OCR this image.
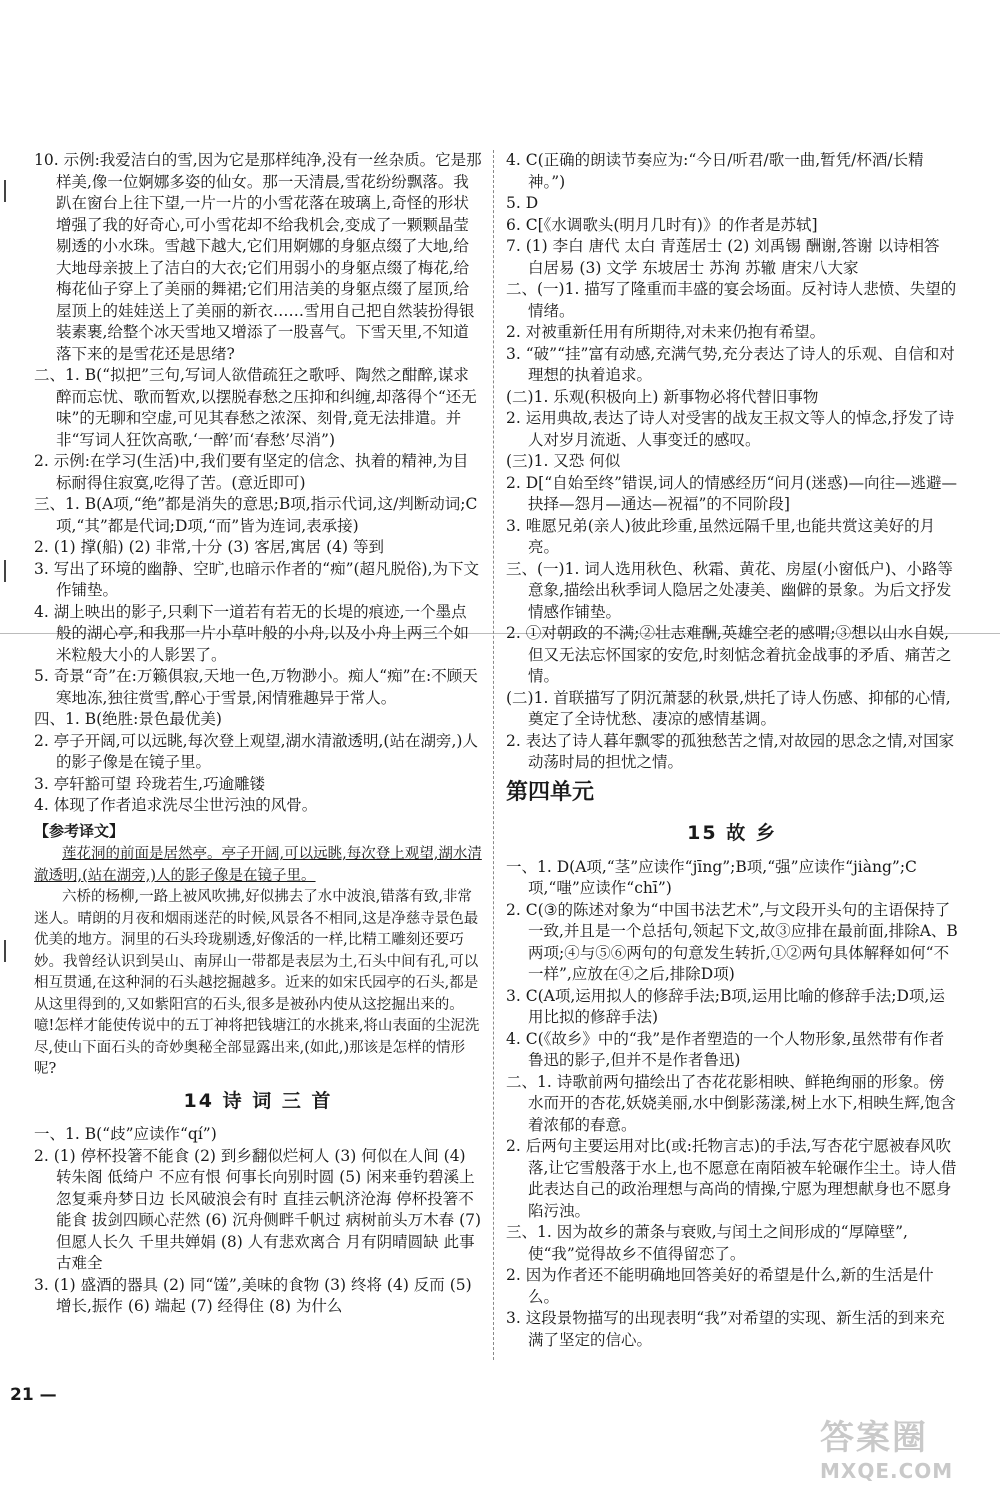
10. 示例:我爱洁白的雪,因为它是那样纯净,没有一丝杂质。它是那样美,像一位婀娜多姿的仙女。那一天清晨,雪花纷纷飘落。我趴在窗台上往下望,一片一片的小雪花落在玻璃上,奇怪的形状增强了我的好奇心,可小雪花却不给我机会,变成了一颗颗晶莹剔透的小水珠。雪越下越大,它们用婀娜的身躯点缀了大地,给大地母亲披上了洁白的大衣;它们用弱小的身躯点缀了梅花,给梅花仙子穿上了美丽的舞裙;它们用洁美的身躯点缀了屋顶,给屋顶上的娃娃送上了美丽的新衣……雪用自己把自然装扮得银装素裹,给整个冰天雪地又增添了一股喜气。下雪天里,不知道落下来的是雪花还是思绪?

二、1. B(“拟把”三句,写词人欲借疏狂之歌呼、陶然之酣醉,谋求醉而忘忧、歌而暂欢,以摆脱春愁之压抑和纠缠,却落得个“还无味”的无聊和空虚,可见其春愁之浓深、刻骨,竟无法排遣。并非“写词人狂饮高歌,‘一醉’而‘春愁’尽消”)

2. 示例:在学习(生活)中,我们要有坚定的信念、执着的精神,为目标耐得住寂寞,吃得了苦。(意近即可)

三、1. B(A项,“绝”都是消失的意思;B项,指示代词,这/判断动词;C项,“其”都是代词;D项,“而”皆为连词,表承接)

2. (1) 撑(船) (2) 非常,十分 (3) 客居,寓居 (4) 等到

3. 写出了环境的幽静、空旷,也暗示作者的“痴”(超凡脱俗),为下文作铺垫。

4. 湖上映出的影子,只剩下一道若有若无的长堤的痕迹,一个墨点般的湖心亭,和我那一片小草叶般的小舟,以及小舟上两三个如米粒般大小的人影罢了。

5. 奇景“奇”在:万籁俱寂,天地一色,万物渺小。痴人“痴”在:不顾天寒地冻,独往赏雪,醉心于雪景,闲情雅趣异于常人。

四、1. B(绝胜:景色最优美)

2. 亭子开阔,可以远眺,每次登上观望,湖水清澈透明,(站在湖旁,)人的影子像是在镜子里。

3. 亭轩豁可望 玲珑若生,巧逾雕镂

4. 体现了作者追求洗尽尘世污浊的风骨。

【参考译文】

莲花洞的前面是居然亭。亭子开阔,可以远眺,每次登上观望,湖水清澈透明,(站在湖旁,)人的影子像是在镜子里。

六桥的杨柳,一路上被风吹拂,好似拂去了水中波浪,错落有致,非常迷人。晴朗的月夜和烟雨迷茫的时候,风景各不相同,这是净慈寺景色最优美的地方。洞里的石头玲珑剔透,好像活的一样,比精工雕刻还要巧妙。我曾经认识到吴山、南屏山一带都是表层为土,石头中间有孔,可以相互贯通,在这种洞的石头越挖掘越多。近来的如宋氏园亭的石头,都是从这里得到的,又如紫阳宫的石头,很多是被孙内使从这挖掘出来的。噫!怎样才能使传说中的五丁神将把钱塘江的水挑来,将山表面的尘泥洗尽,使山下面石头的奇妙奥秘全部显露出来,(如此,)那该是怎样的情形呢?

14 诗 词 三 首

一、1. B(“歧”应读作“qí”)

2. (1) 停杯投箸不能食 (2) 到乡翻似烂柯人 (3) 何似在人间 (4) 转朱阁 低绮户 不应有恨 何事长向别时圆 (5) 闲来垂钓碧溪上 忽复乘舟梦日边 长风破浪会有时 直挂云帆济沧海 停杯投箸不能食 拔剑四顾心茫然 (6) 沉舟侧畔千帆过 病树前头万木春 (7) 但愿人长久 千里共婵娟 (8) 人有悲欢离合 月有阴晴圆缺 此事古难全

3. (1) 盛酒的器具 (2) 同“馐”,美味的食物 (3) 终将 (4) 反而 (5) 增长,振作 (6) 端起 (7) 经得住 (8) 为什么

4. C(正确的朗读节奏应为:“今日/听君/歌一曲,暂凭/杯酒/长精神。”)

5. D

6. C[《水调歌头(明月几时有)》的作者是苏轼]

7. (1) 李白 唐代 太白 青莲居士 (2) 刘禹锡 酬谢,答谢 以诗相答 白居易 (3) 文学 东坡居士 苏洵 苏辙 唐宋八大家

二、(一)1. 描写了隆重而丰盛的宴会场面。反衬诗人悲愤、失望的情绪。

2. 对被重新任用有所期待,对未来仍抱有希望。

3. “破”“挂”富有动感,充满气势,充分表达了诗人的乐观、自信和对理想的执着追求。

(二)1. 乐观(积极向上) 新事物必将代替旧事物

2. 运用典故,表达了诗人对受害的战友王叔文等人的悼念,抒发了诗人对岁月流逝、人事变迁的感叹。

(三)1. 又恐 何似

2. D[“自始至终”错误,词人的情感经历“问月(迷惑)—向往—逃避—抉择—怨月—通达—祝福”的不同阶段]

3. 唯愿兄弟(亲人)彼此珍重,虽然远隔千里,也能共赏这美好的月亮。

三、(一)1. 词人选用秋色、秋霜、黄花、房屋(小窗低户)、小路等意象,描绘出秋季词人隐居之处凄美、幽僻的景象。为后文抒发情感作铺垫。

2. ①对朝政的不满;②壮志难酬,英雄空老的感喟;③想以山水自娱,但又无法忘怀国家的安危,时刻惦念着抗金战事的矛盾、痛苦之情。

(二)1. 首联描写了阴沉萧瑟的秋景,烘托了诗人伤感、抑郁的心情,奠定了全诗忧愁、凄凉的感情基调。

2. 表达了诗人暮年飘零的孤独愁苦之情,对故园的思念之情,对国家动荡时局的担忧之情。

第四单元
15 故 乡

一、1. D(A项,“茎”应读作“jīng”;B项,“强”应读作“jiàng”;C项,“嗤”应读作“chī”)

2. C(③的陈述对象为“中国书法艺术”,与文段开头句的主语保持了一致,并且是一个总括句,领起下文,故③应排在最前面,排除A、B两项;④与⑤⑥两句的句意发生转折,①②两句具体解释如何“不一样”,应放在④之后,排除D项)

3. C(A项,运用拟人的修辞手法;B项,运用比喻的修辞手法;D项,运用比拟的修辞手法)

4. C(《故乡》中的“我”是作者塑造的一个人物形象,虽然带有作者鲁迅的影子,但并不是作者鲁迅)

二、1. 诗歌前两句描绘出了杏花花影相映、鲜艳绚丽的形象。傍水而开的杏花,妖娆美丽,水中倒影荡漾,树上水下,相映生辉,饱含着浓郁的春意。

2. 后两句主要运用对比(或:托物言志)的手法,写杏花宁愿被春风吹落,让它雪般落于水上,也不愿意在南陌被车轮碾作尘土。诗人借此表达自己的政治理想与高尚的情操,宁愿为理想献身也不愿身陷污浊。

三、1. 因为故乡的萧条与衰败,与闰土之间形成的“厚障壁”,使“我”觉得故乡不值得留恋了。

2. 因为作者还不能明确地回答美好的希望是什么,新的生活是什么。

3. 这段景物描写的出现表明“我”对希望的实现、新生活的到来充满了坚定的信心。

21 —
答案圈
MXQE.COM
